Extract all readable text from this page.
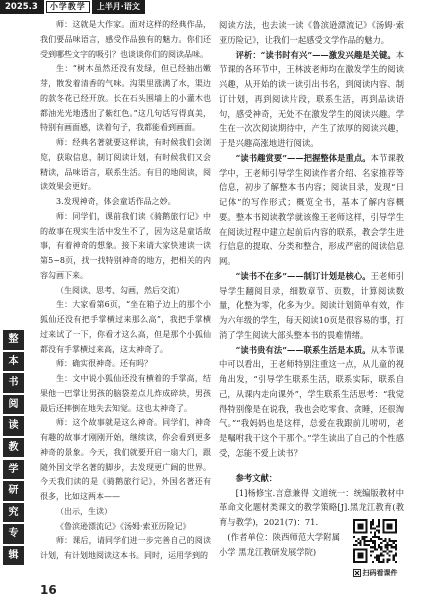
2025.3	小学教学	上半月·语文

师：这就是大作家。面对这样的经典作品，我们要品味语言，感受作品独有的魅力。你们还受到哪些文字的吸引？也谈谈你们的阅读品味。

生：“树木虽然还没有发绿，但已经抽出嫩芽，散发着清香的气味。沟渠里涨满了水，渠边的款冬花已经开放。长在石头围墙上的小灌木也都油光光地透出了紫红色。”这几句话写得真美，特别有画面感，读着句子，我都能看到画面。

师：经典名著就要这样读，有时候我们会浏览，获取信息，制订阅读计划，有时候我们又会精读，品味语言，联系生活。有目的地阅读，阅读效果会更好。

3.发现神奇，体会童话作品之妙。

师：同学们，课前我们读《骑鹅旅行记》中的故事在现实生活中发生不了，因为这是童话故事，有着神奇的想象。接下来请大家快速读一读第5~8页，找一找特别神奇的地方，把相关的内容勾画下来。

（生阅读、思考、勾画，然后交流）

生：大家看第6页，“坐在箱子边上的那个小狐仙还没有把手掌横过来那么高”，我把手掌横过来试了一下，你看才这么高，但是那个小狐仙都没有手掌横过来高，这太神奇了。

师：确实很神奇。还有吗？

生：文中说小狐仙还没有横着的手掌高，结果他一巴掌让男孩的脑袋差点儿炸成碎块，男孩最后还摔倒在地失去知觉。这也太神奇了。

师：这个故事就是这么神奇。同学们，神奇有趣的故事才刚刚开始，继续读，你会看到更多神奇的景象。今天，我们就要开启一扇大门，跟随外国文学名著的脚步，去发现更广阔的世界。今天我们读的是《骑鹅旅行记》，外国名著还有很多，比如这两本——

（出示，生读）

《鲁滨逊漂流记》《汤姆·索亚历险记》

师：课后，请同学们进一步完善自己的阅读计划，有计划地阅读这本书。同时，运用学到的

阅读方法，也去读一读《鲁滨逊漂流记》《汤姆·索亚历险记》，让我们一起感受文学作品的魅力。

评析：“读书时有兴”——激发兴趣是关键。本节课的各环节中，王林波老师均在激发学生的阅读兴趣，从开始的读一读引出书名，到阅读内容、制订计划，再到阅读片段，联系生活，再到品读语句，感受神奇，无处不在激发学生的阅读兴趣。学生在一次次阅读期待中，产生了浓厚的阅读兴趣，于是兴趣高涨地进行阅读。

“读书趣赏要”——把握整体是重点。本节课教学中，王老师引导学生阅读作者介绍、名家推荐等信息，初步了解整本书内容；阅读目录，发现“日记体”的写作形式；概览全书，基本了解内容概要。整本书阅读教学就该像王老师这样，引导学生在阅读过程中建立起前后内容的联系，教会学生进行信息的提取、分类和整合，形成严密的阅读信息网。

“读书不在多”——制订计划是核心。王老师引导学生翻阅目录，细数章节、页数，计算阅读数量，化整为零，化多为少。阅读计划简单有效，作为六年级的学生，每天阅读10页是很容易的事，打消了学生阅读大部头整本书的畏难情绪。

“读书贵有法”——联系生活是本质。从本节课中可以看出，王老师特别注重这一点，从儿童的视角出发，“引导学生联系生活，联系实际，联系自己，从课内走向课外”，学生联系生活思考：“我觉得特别像是在说我，我也会吃零食、贪睡，还很淘气。”“我妈妈也是这样，总爱在我跟前儿唠叨，老是嘱咐我干这个干那个。”学生读出了自己的个性感受，怎能不爱上读书？

扫码看课件

参考文献：

[1]杨修宝.言意兼得 文道统一：统编版教材中革命文化题材类课文的教学策略[J].黑龙江教育(教育与教学)，2021(7)：71.

(作者单位：陕西师范大学附属小学 黑龙江教研发展学院)

整
本
书
阅
读
教
学
研
究
专
辑
16
